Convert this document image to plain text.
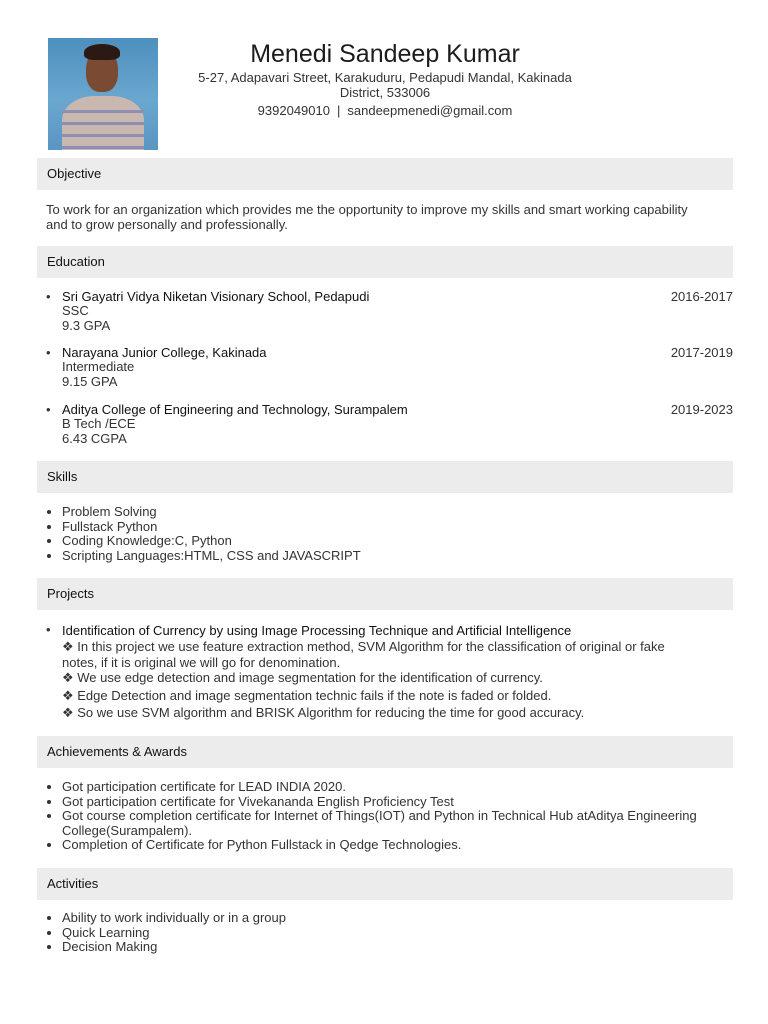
Menedi Sandeep Kumar
5-27, Adapavari Street, Karakuduru, Pedapudi Mandal, Kakinada
District, 533006
9392049010 | sandeepmenedi@gmail.com
Objective
To work for an organization which provides me the opportunity to improve my skills and smart working capability
and to grow personally and professionally.
Education
• Sri Gayatri Vidya Niketan Visionary School, Pedapudi
SSC
9.3 GPA
2016-2017
• Narayana Junior College, Kakinada
Intermediate
9.15 GPA
2017-2019
• Aditya College of Engineering and Technology, Surampalem
B Tech /ECE
6.43 CGPA
2019-2023
Skills
• Problem Solving
• Fullstack Python
• Coding Knowledge:C, Python
• Scripting Languages:HTML, CSS and JAVASCRIPT
Projects
• Identification of Currency by using Image Processing Technique and Artificial Intelligence
❖ In this project we use feature extraction method, SVM Algorithm for the classification of original or fake
notes, if it is original we will go for denomination.
❖ We use edge detection and image segmentation for the identification of currency.
❖ Edge Detection and image segmentation technic fails if the note is faded or folded.
❖ So we use SVM algorithm and BRISK Algorithm for reducing the time for good accuracy.
Achievements & Awards
• Got participation certificate for LEAD INDIA 2020.
• Got participation certificate for Vivekananda English Proficiency Test
• Got course completion certificate for Internet of Things(IOT) and Python in Technical Hub atAditya Engineering College(Surampalem).
• Completion of Certificate for Python Fullstack in Qedge Technologies.
Activities
• Ability to work individually or in a group
• Quick Learning
• Decision Making
